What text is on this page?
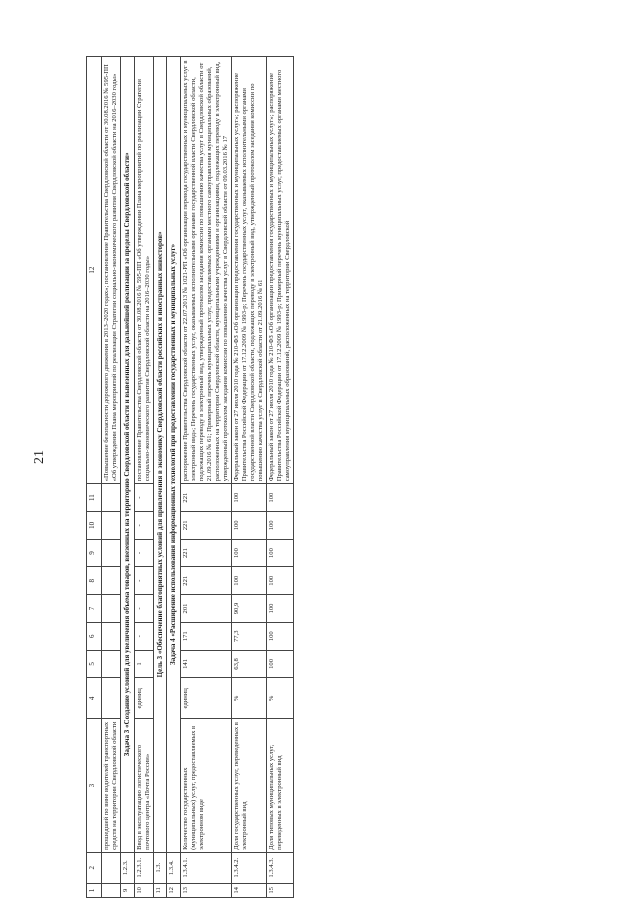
21
1	2	3	4	5	6	7	8	9	10	11	12
		прошедшей по вине водителей транспортных средств на территории Свердловской области									«Повышение безопасности дорожного движения в 2013–2020 годах»; постановление Правительства Свердловской области от 30.08.2016 № 595-ПП «Об утверждении Плана мероприятий по реализации Стратегии социально-экономического развития Свердловской области на 2016–2030 годы»
9	1.2.3.	Задача 3 «Создание условий для увеличения объема товаров, ввезенных на территорию Свердловской области и вывезенных для дальнейшей реализации за пределы Свердловской области»									
10	1.2.3.1.	Ввод в эксплуатацию логистического почтового центра «Почта России»	единиц	1	-	-	-	-	-	-	постановление Правительства Свердловской области от 30.08.2016 № 595-ПП «Об утверждении Плана мероприятий по реализации Стратегии социально-экономического развития Свердловской области на 2016–2030 годы»
11	1.3.	Цель 3 «Обеспечение благоприятных условий для привлечения в экономику Свердловской области российских и иностранных инвесторов»									
12	1.3.4.	Задача 4 «Расширение использования информационных технологий при предоставлении государственных и муниципальных услуг»									
13	1.3.4.1.	Количество государственных (муниципальных) услуг, предоставляемых в электронном виде	единиц	141	171	201	221	221	221	221	распоряжение Правительства Свердловской области от 22.07.2013 № 1021-РП «Об организации перевода государственных и муниципальных услуг в электронный вид»; Перечень государственных услуг, оказываемых исполнительными органами государственной власти Свердловской области, подлежащих переводу в электронный вид, утвержденный протоколом заседания комиссии по повышению качества услуг в Свердловской области от 21.09.2016 № 61; Примерный перечень муниципальных услуг, предоставляемых органами местного самоуправления муниципальных образований, расположенных на территории Свердловской области, муниципальными учреждениями и организациями, подлежащих переводу в электронный вид, утвержденный протоколом заседания комиссии по повышению качества услуг в Свердловской области от 09.03.2016 № 17
14	1.3.4.2.	Доля государственных услуг, переведенных в электронный вид	%	63,8	77,3	90,9	100	100	100	100	Федеральный закон от 27 июля 2010 года № 210-ФЗ «Об организации предоставления государственных и муниципальных услуг»; распоряжение Правительства Российской Федерации от 17.12.2009 № 1993-р; Перечень государственных услуг, оказываемых исполнительными органами государственной власти Свердловской области, подлежащих переводу в электронный вид, утвержденный протоколом заседания комиссии по повышению качества услуг в Свердловской области от 21.09.2016 № 61
15	1.3.4.3.	Доля типовых муниципальных услуг, переведенных в электронный вид	%	100	100	100	100	100	100	100	Федеральный закон от 27 июля 2010 года № 210-ФЗ «Об организации предоставления государственных и муниципальных услуг»; распоряжение Правительства Российской Федерации от 17.12.2009 № 1993-р; Примерный перечень муниципальных услуг, предоставляемых органами местного самоуправления муниципальных образований, расположенных на территории Свердловской
